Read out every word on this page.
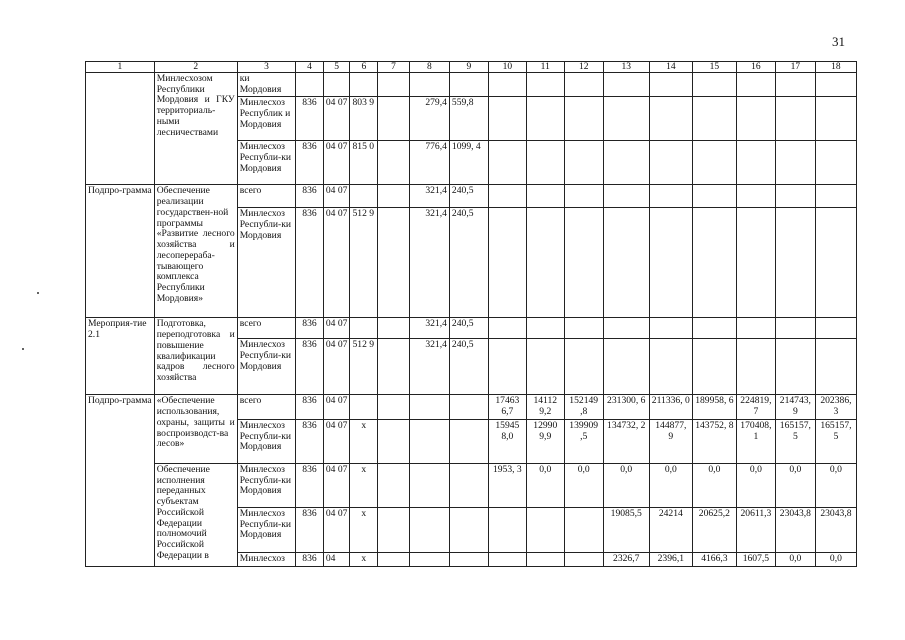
31
1	2	3	4	5	6	7	8	9	10	11	12	13	14	15	16	17	18
	Минлесхозом Республики Мордовия и ГКУ территориаль-ными лесничествами	ки Мордовия															
		Минлесхоз Республик и Мордовия	836	04 07	803 9		279,4	559,8									
		Минлесхоз Республи-ки Мордовия	836	04 07	815 0		776,4	1099, 4									
Подпро-грамма	Обеспечение реализации государствен-ной программы «Развитие лесного хозяйства и лесоперераба-тывающего комплекса Республики Мордовия»	всего	836	04 07			321,4	240,5									
		Минлесхоз Республи-ки Мордовия	836	04 07	512 9		321,4	240,5									
Мероприя-тие 2.1	Подготовка, переподготовка и повышение квалификации кадров лесного хозяйства	всего	836	04 07			321,4	240,5									
		Минлесхоз Республи-ки Мордовия	836	04 07	512 9		321,4	240,5									
Подпро-грамма	«Обеспечение использования, охраны, защиты и воспроизводст-ва лесов»	всего	836	04 07					17463 6,7	14112 9,2	152149 ,8	231300, 6	211336, 0	189958, 6	224819, 7	214743, 9	202386, 3
		Минлесхоз Республи-ки Мордовия	836	04 07	х				15945 8,0	12990 9,9	139909 ,5	134732, 2	144877, 9	143752, 8	170408, 1	165157, 5	165157, 5
	Обеспечение исполнения переданных субъектам Российской Федерации полномочий Российской Федерации в	Минлесхоз Республи-ки Мордовия	836	04 07	х				1953, 3	0,0	0,0	0,0	0,0	0,0	0,0	0,0	0,0
		Минлесхоз Республи-ки Мордовия	836	04 07	х							19085,5	24214	20625,2	20611,3	23043,8	23043,8
		Минлесхоз	836	04	х							2326,7	2396,1	4166,3	1607,5	0,0	0,0
